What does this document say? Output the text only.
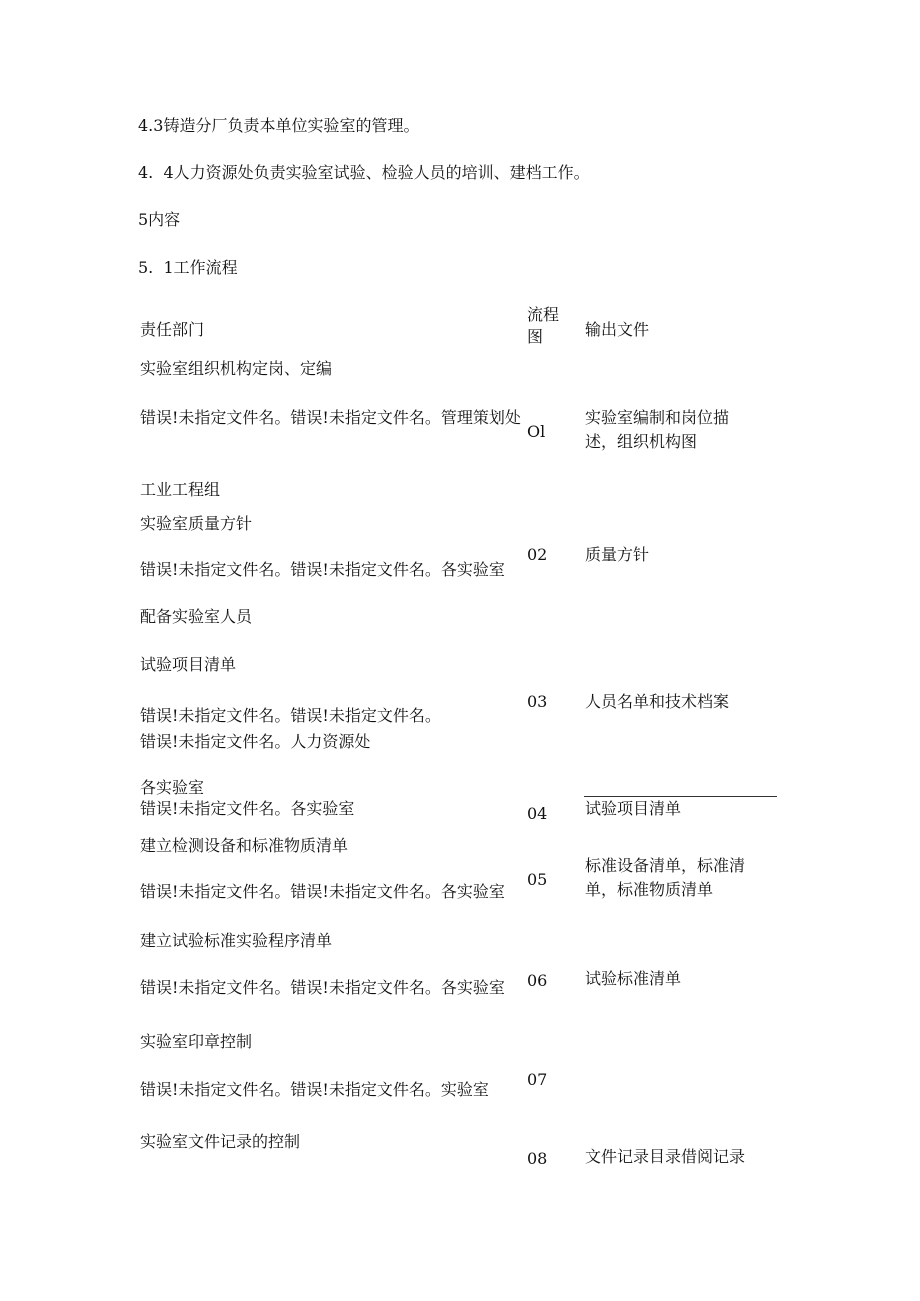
4.3铸造分厂负责本单位实验室的管理。
4.  4人力资源处负责实验室试验、检验人员的培训、建档工作。
5内容
5.  1工作流程
责任部门
流程
图	输出文件
实验室组织机构定岗、定编
错误!未指定文件名。错误!未指定文件名。管理策划处
Ol
实验室编制和岗位描述，组织机构图
工业工程组
实验室质量方针
02 质量方针
错误!未指定文件名。错误!未指定文件名。各实验室
配备实验室人员
试验项目清单
03 人员名单和技术档案
错误!未指定文件名。错误!未指定文件名。
错误!未指定文件名。人力资源处
各实验室
错误!未指定文件名。各实验室	试验项目清单
04
建立检测设备和标准物质清单
标准设备清单，标准清单，标准物质清单
05
错误!未指定文件名。错误!未指定文件名。各实验室
建立试验标准实验程序清单
试验标准清单
06
错误!未指定文件名。错误!未指定文件名。各实验室
实验室印章控制
07
错误!未指定文件名。错误!未指定文件名。实验室
实验室文件记录的控制
08 文件记录目录借阅记录
